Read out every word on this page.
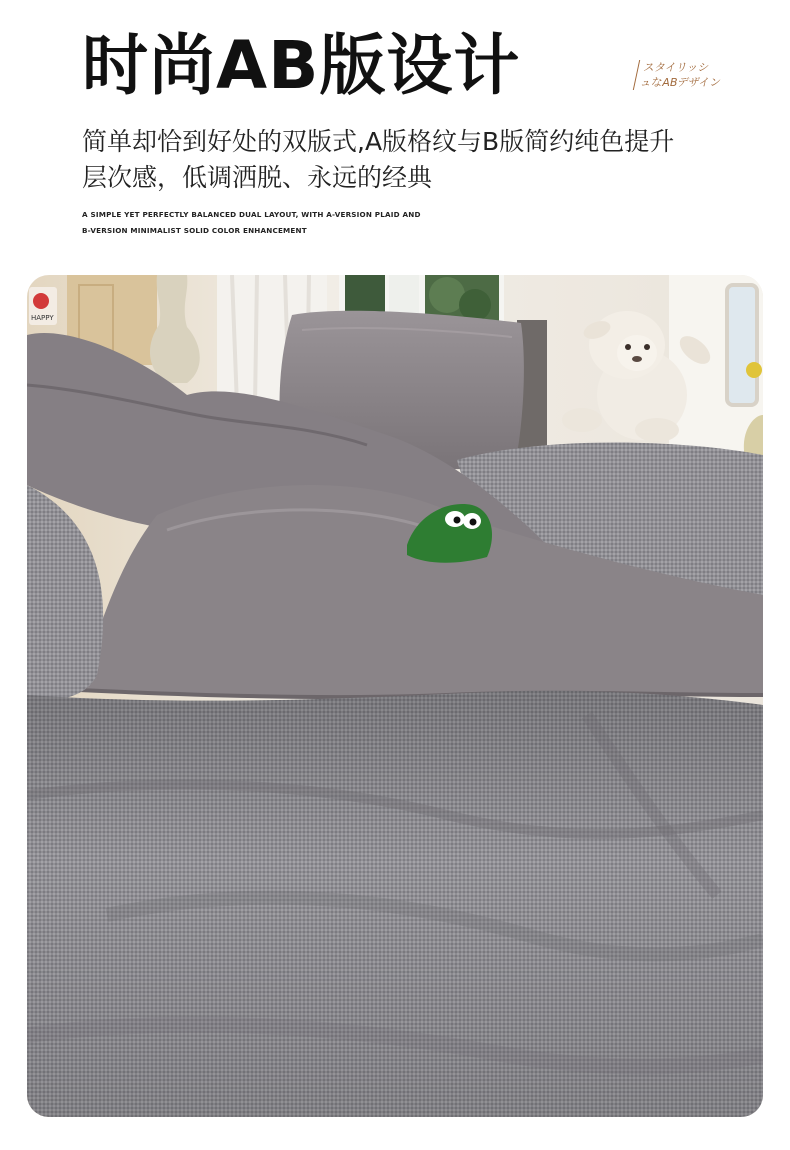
时尚AB版设计	スタイリッシ
ュなABデザイン
简单却恰到好处的双版式,A版格纹与B版简约纯色提升
层次感，低调洒脱、永远的经典
A SIMPLE YET PERFECTLY BALANCED DUAL LAYOUT, WITH A-VERSION PLAID AND
B-VERSION MINIMALIST SOLID COLOR ENHANCEMENT
HAPPY
